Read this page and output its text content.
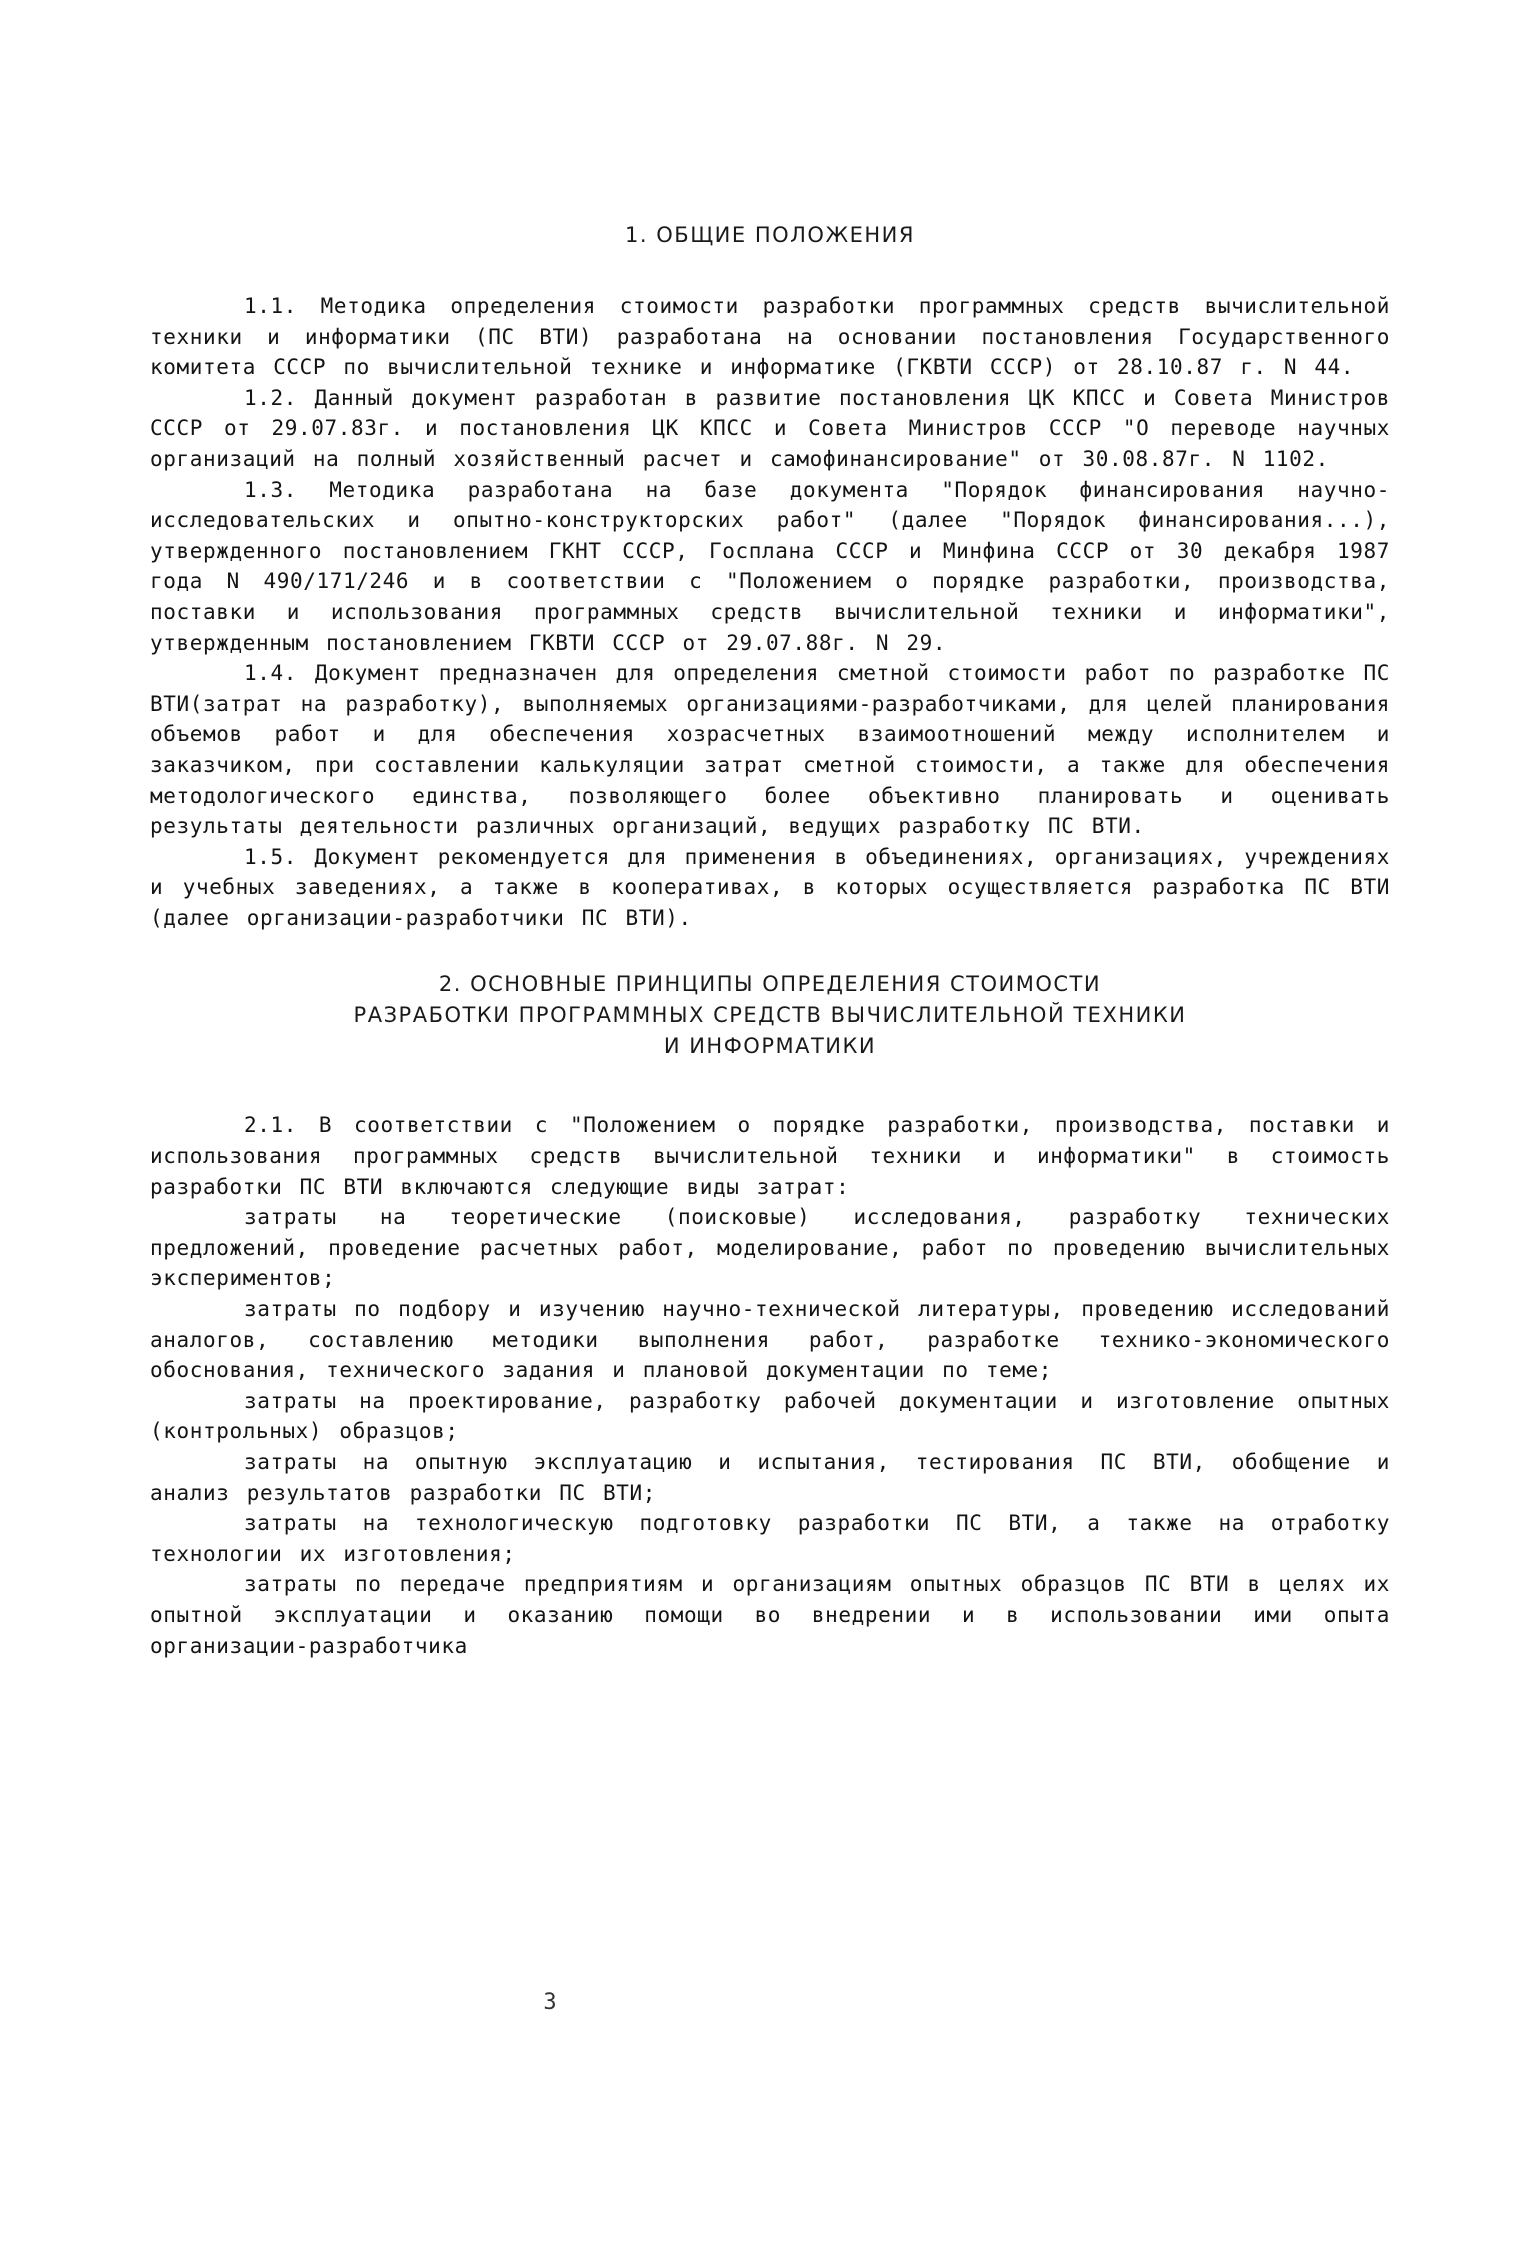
1. ОБЩИЕ ПОЛОЖЕНИЯ

1.1. Методика определения стоимости разработки программных средств вычислительной техники и информатики (ПС ВТИ) разработана на основании постановления Государственного комитета СССР по вычислительной технике и информатике (ГКВТИ СССР) от 28.10.87 г. N 44.

1.2. Данный документ разработан в развитие постановления ЦК КПСС и Совета Министров СССР от 29.07.83г. и постановления ЦК КПСС и Совета Министров СССР "О переводе научных организаций на полный хозяйственный расчет и самофинансирование" от 30.08.87г. N 1102.

1.3. Методика разработана на базе документа "Порядок финансирования научно-исследовательских и опытно-конструкторских работ" (далее "Порядок финансирования...), утвержденного постановлением ГКНТ СССР, Госплана СССР и Минфина СССР от 30 декабря 1987 года N 490/171/246 и в соответствии с "Положением о порядке разработки, производства, поставки и использования программных средств вычислительной техники и информатики", утвержденным постановлением ГКВТИ СССР от 29.07.88г. N 29.

1.4. Документ предназначен для определения сметной стоимости работ по разработке ПС ВТИ(затрат на разработку), выполняемых организациями-разработчиками, для целей планирования объемов работ и для обеспечения хозрасчетных взаимоотношений между исполнителем и заказчиком, при составлении калькуляции затрат сметной стоимости, а также для обеспечения методологического единства, позволяющего более объективно планировать и оценивать результаты деятельности различных организаций, ведущих разработку ПС ВТИ.

1.5. Документ рекомендуется для применения в объединениях, организациях, учреждениях и учебных заведениях, а также в кооперативах, в которых осуществляется разработка ПС ВТИ (далее организации-разработчики ПС ВТИ).

2. ОСНОВНЫЕ ПРИНЦИПЫ ОПРЕДЕЛЕНИЯ СТОИМОСТИ
РАЗРАБОТКИ ПРОГРАММНЫХ СРЕДСТВ ВЫЧИСЛИТЕЛЬНОЙ ТЕХНИКИ
И ИНФОРМАТИКИ

2.1. В соответствии с "Положением о порядке разработки, производства, поставки и использования программных средств вычислительной техники и информатики" в стоимость разработки ПС ВТИ включаются следующие виды затрат:

затраты на теоретические (поисковые) исследования, разработку технических предложений, проведение расчетных работ, моделирование, работ по проведению вычислительных экспериментов;

затраты по подбору и изучению научно-технической литературы, проведению исследований аналогов, составлению методики выполнения работ, разработке технико-экономического обоснования, технического задания и плановой документации по теме;

затраты на проектирование, разработку рабочей документации и изготовление опытных (контрольных) образцов;

затраты на опытную эксплуатацию и испытания, тестирования ПС ВТИ, обобщение и анализ результатов разработки ПС ВТИ;

затраты на технологическую подготовку разработки ПС ВТИ, а также на отработку технологии их изготовления;

затраты по передаче предприятиям и организациям опытных образцов ПС ВТИ в целях их опытной эксплуатации и оказанию помощи во внедрении и в использовании ими опыта организации-разработчика

3
